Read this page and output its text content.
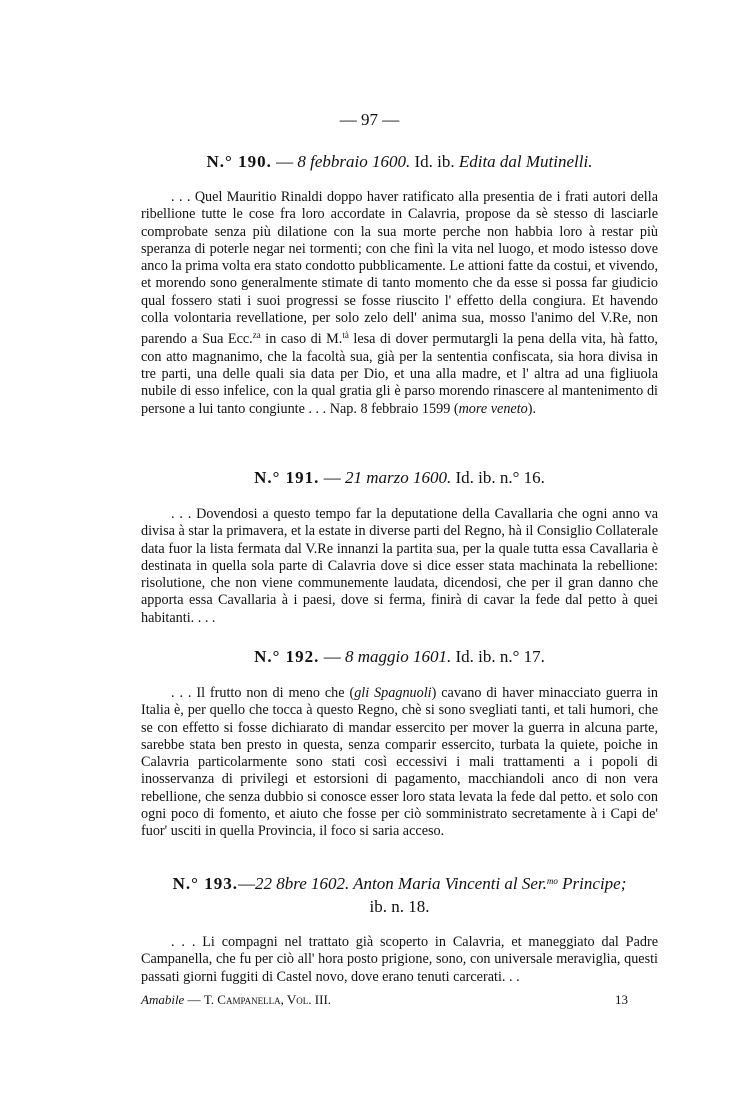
— 97 —

N.° 190. — 8 febbraio 1600. Id. ib. Edita dal Mutinelli.

. . . Quel Mauritio Rinaldi doppo haver ratificato alla presentia de i frati autori della ribellione tutte le cose fra loro accordate in Calavria, propose da sè stesso di lasciarle comprobate senza più dilatione con la sua morte perche non habbia loro à restar più speranza di poterle negar nei tormenti; con che finì la vita nel luogo, et modo istesso dove anco la prima volta era stato condotto pubblicamente. Le attioni fatte da costui, et vivendo, et morendo sono generalmente stimate di tanto momento che da esse si possa far giudicio qual fossero stati i suoi progressi se fosse riuscito l' effetto della congiura. Et havendo colla volontaria revellatione, per solo zelo dell' anima sua, mosso l'animo del V.Re, non parendo a Sua Ecc.$^{za}$ in caso di M.$^{tà}$ lesa di dover permutargli la pena della vita, hà fatto, con atto magnanimo, che la facoltà sua, già per la sententia confiscata, sia hora divisa in tre parti, una delle quali sia data per Dio, et una alla madre, et l' altra ad una figliuola nubile di esso infelice, con la qual gratia gli è parso morendo rinascere al mantenimento di persone a lui tanto congiunte . . . Nap. 8 febbraio 1599 (more veneto).

N.° 191. — 21 marzo 1600. Id. ib. n.° 16.

. . . Dovendosi a questo tempo far la deputatione della Cavallaria che ogni anno va divisa à star la primavera, et la estate in diverse parti del Regno, hà il Consiglio Collaterale data fuor la lista fermata dal V.Re innanzi la partita sua, per la quale tutta essa Cavallaria è destinata in quella sola parte di Calavria dove si dice esser stata machinata la rebellione: risolutione, che non viene communemente laudata, dicendosi, che per il gran danno che apporta essa Cavallaria à i paesi, dove si ferma, finirà di cavar la fede dal petto à quei habitanti. . . .

N.° 192. — 8 maggio 1601. Id. ib. n.° 17.

. . . Il frutto non di meno che (gli Spagnuoli) cavano di haver minacciato guerra in Italia è, per quello che tocca à questo Regno, chè si sono svegliati tanti, et tali humori, che se con effetto si fosse dichiarato di mandar essercito per mover la guerra in alcuna parte, sarebbe stata ben presto in questa, senza comparir essercito, turbata la quiete, poiche in Calavria particolarmente sono stati così eccessivi i mali trattamenti a i popoli di inosservanza di privilegi et estorsioni di pagamento, macchiandoli anco di non vera rebellione, che senza dubbio si conosce esser loro stata levata la fede dal petto. et solo con ogni poco di fomento, et aiuto che fosse per ciò somministrato secretamente à i Capi de' fuor' usciti in quella Provincia, il foco si saria acceso.

N.° 193.—22 8bre 1602. Anton Maria Vincenti al Ser.$^{mo}$ Principe;

ib. n. 18.

. . . Li compagni nel trattato già scoperto in Calavria, et maneggiato dal Padre Campanella, che fu per ciò all' hora posto prigione, sono, con universale meraviglia, questi passati giorni fuggiti di Castel novo, dove erano tenuti carcerati. . .

Amabile — T. Campanella, Vol. III.	13
